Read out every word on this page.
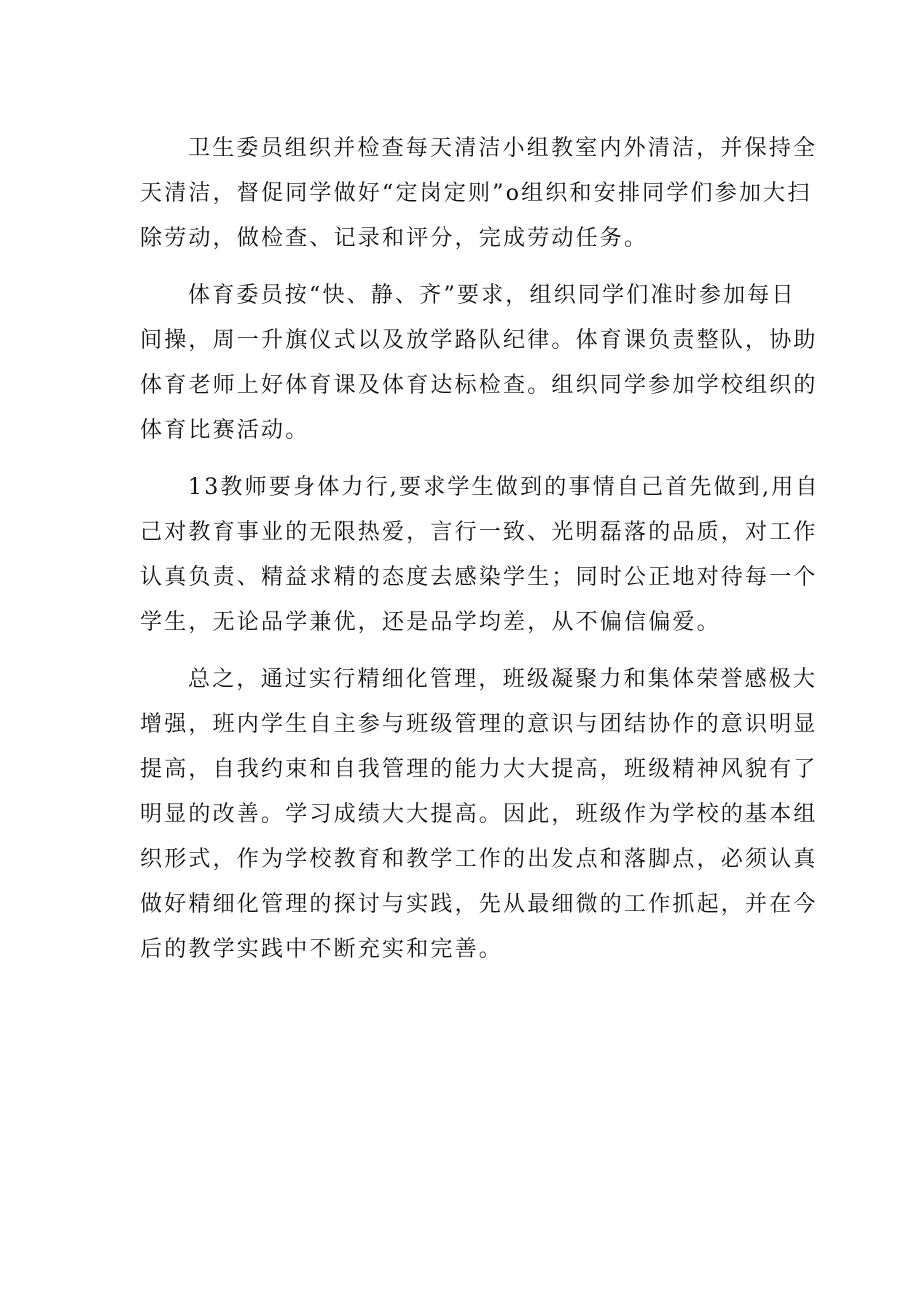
卫生委员组织并检查每天清洁小组教室内外清洁，并保持全
天清洁，督促同学做好“定岗定则”o组织和安排同学们参加大扫
除劳动，做检查、记录和评分，完成劳动任务。

体育委员按“快、静、齐”要求，组织同学们准时参加每日
间操，周一升旗仪式以及放学路队纪律。体育课负责整队，协助
体育老师上好体育课及体育达标检查。组织同学参加学校组织的
体育比赛活动。

13教师要身体力行,要求学生做到的事情自己首先做到,用自
己对教育事业的无限热爱，言行一致、光明磊落的品质，对工作
认真负责、精益求精的态度去感染学生；同时公正地对待每一个
学生，无论品学兼优，还是品学均差，从不偏信偏爱。

总之，通过实行精细化管理，班级凝聚力和集体荣誉感极大
增强，班内学生自主参与班级管理的意识与团结协作的意识明显
提高，自我约束和自我管理的能力大大提高，班级精神风貌有了
明显的改善。学习成绩大大提高。因此，班级作为学校的基本组
织形式，作为学校教育和教学工作的出发点和落脚点，必须认真
做好精细化管理的探讨与实践，先从最细微的工作抓起，并在今
后的教学实践中不断充实和完善。
